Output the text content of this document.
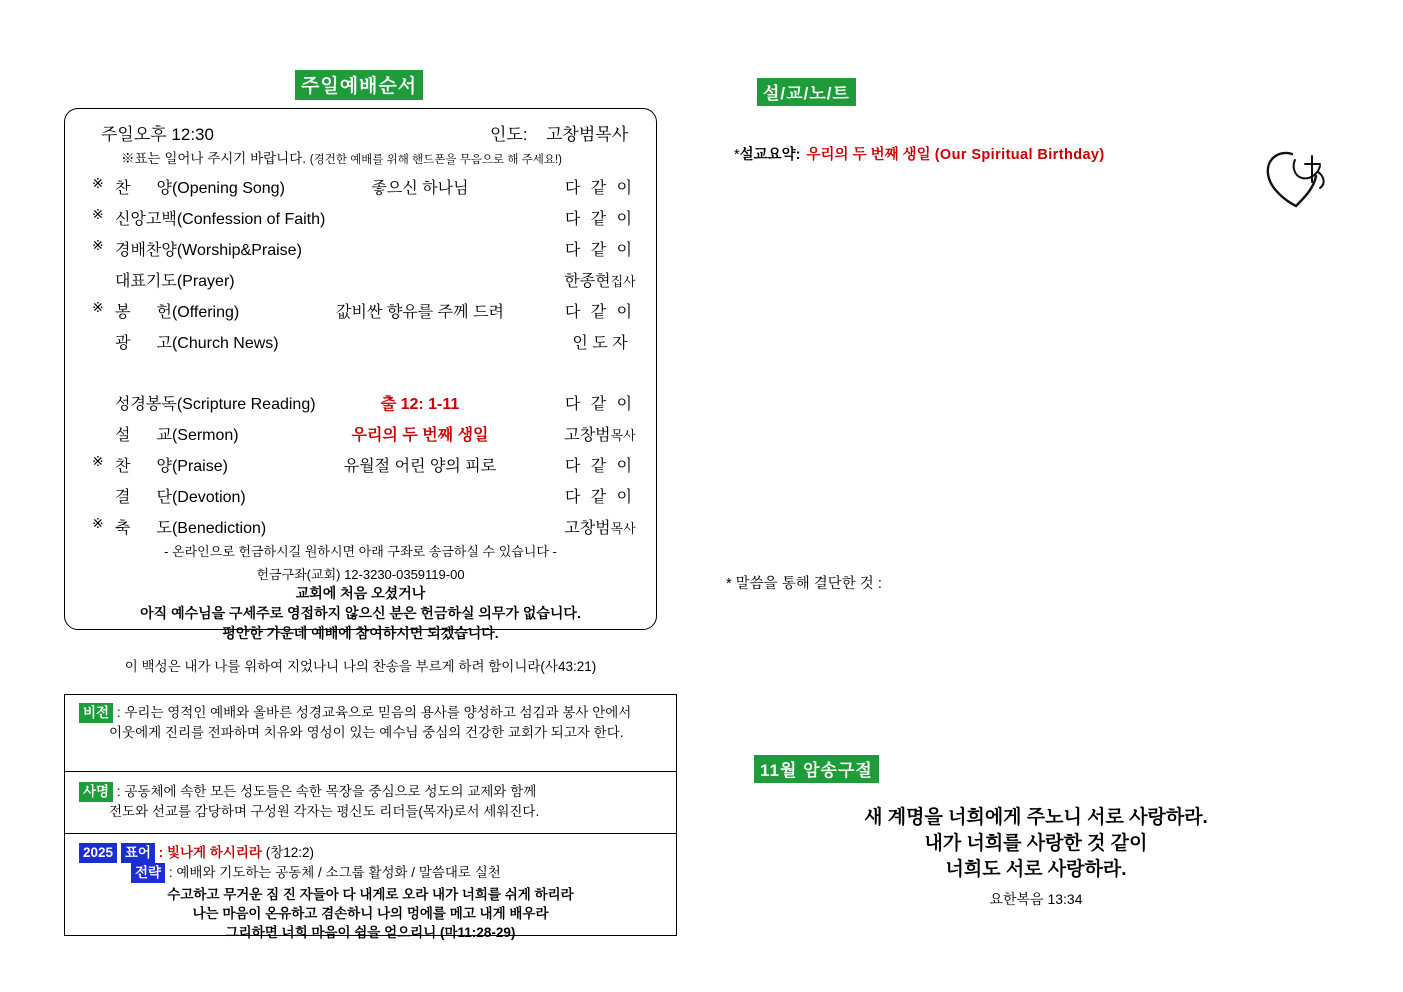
주일예배순서
주일오후 12:30	인도: 고창범목사
※표는 일어나 주시기 바랍니다. (경건한 예배를 위해 핸드폰을 무음으로 해 주세요!)
※ 찬 양(Opening Song)	좋으신 하나님	다 같 이
※ 신앙고백(Confession of Faith)	다 같 이
※ 경배찬양(Worship&Praise)	다 같 이
대표기도(Prayer)	한종현집사
※ 봉 헌(Offering)	값비싼 향유를 주께 드려	다 같 이
광 고(Church News)	인 도 자
성경봉독(Scripture Reading)	출 12: 1-11	다 같 이
설 교(Sermon)	우리의 두 번째 생일	고창범목사
※ 찬 양(Praise)	유월절 어린 양의 피로	다 같 이
결 단(Devotion)	다 같 이
※ 축 도(Benediction)	고창범목사
- 온라인으로 헌금하시길 원하시면 아래 구좌로 송금하실 수 있습니다 -
헌금구좌(교회) 12-3230-0359119-00
교회에 처음 오셨거나
아직 예수님을 구세주로 영접하지 않으신 분은 헌금하실 의무가 없습니다.
평안한 가운데 예배에 참여하시면 되겠습니다.
이 백성은 내가 나를 위하여 지었나니 나의 찬송을 부르게 하려 함이니라(사43:21)
비전 : 우리는 영적인 예배와 올바른 성경교육으로 믿음의 용사를 양성하고 섬김과 봉사 안에서
이웃에게 진리를 전파하며 치유와 영성이 있는 예수님 중심의 건강한 교회가 되고자 한다.
사명 : 공동체에 속한 모든 성도들은 속한 목장을 중심으로 성도의 교제와 함께
전도와 선교를 감당하며 구성원 각자는 평신도 리더들(목자)로서 세워진다.
2025 표어 : 빛나게 하시리라 (창12:2)
전략 : 예배와 기도하는 공동체 / 소그룹 활성화 / 말씀대로 실천
수고하고 무거운 짐 진 자들아 다 내게로 오라 내가 너희를 쉬게 하리라
나는 마음이 온유하고 겸손하니 나의 멍에를 메고 내게 배우라
그리하면 너희 마음이 쉼을 얻으리니 (마11:28-29)
설/교/노/트
*설교요약: 우리의 두 번째 생일 (Our Spiritual Birthday)
* 말씀을 통해 결단한 것 :
11월 암송구절
새 계명을 너희에게 주노니 서로 사랑하라.
내가 너희를 사랑한 것 같이
너희도 서로 사랑하라.
요한복음 13:34
